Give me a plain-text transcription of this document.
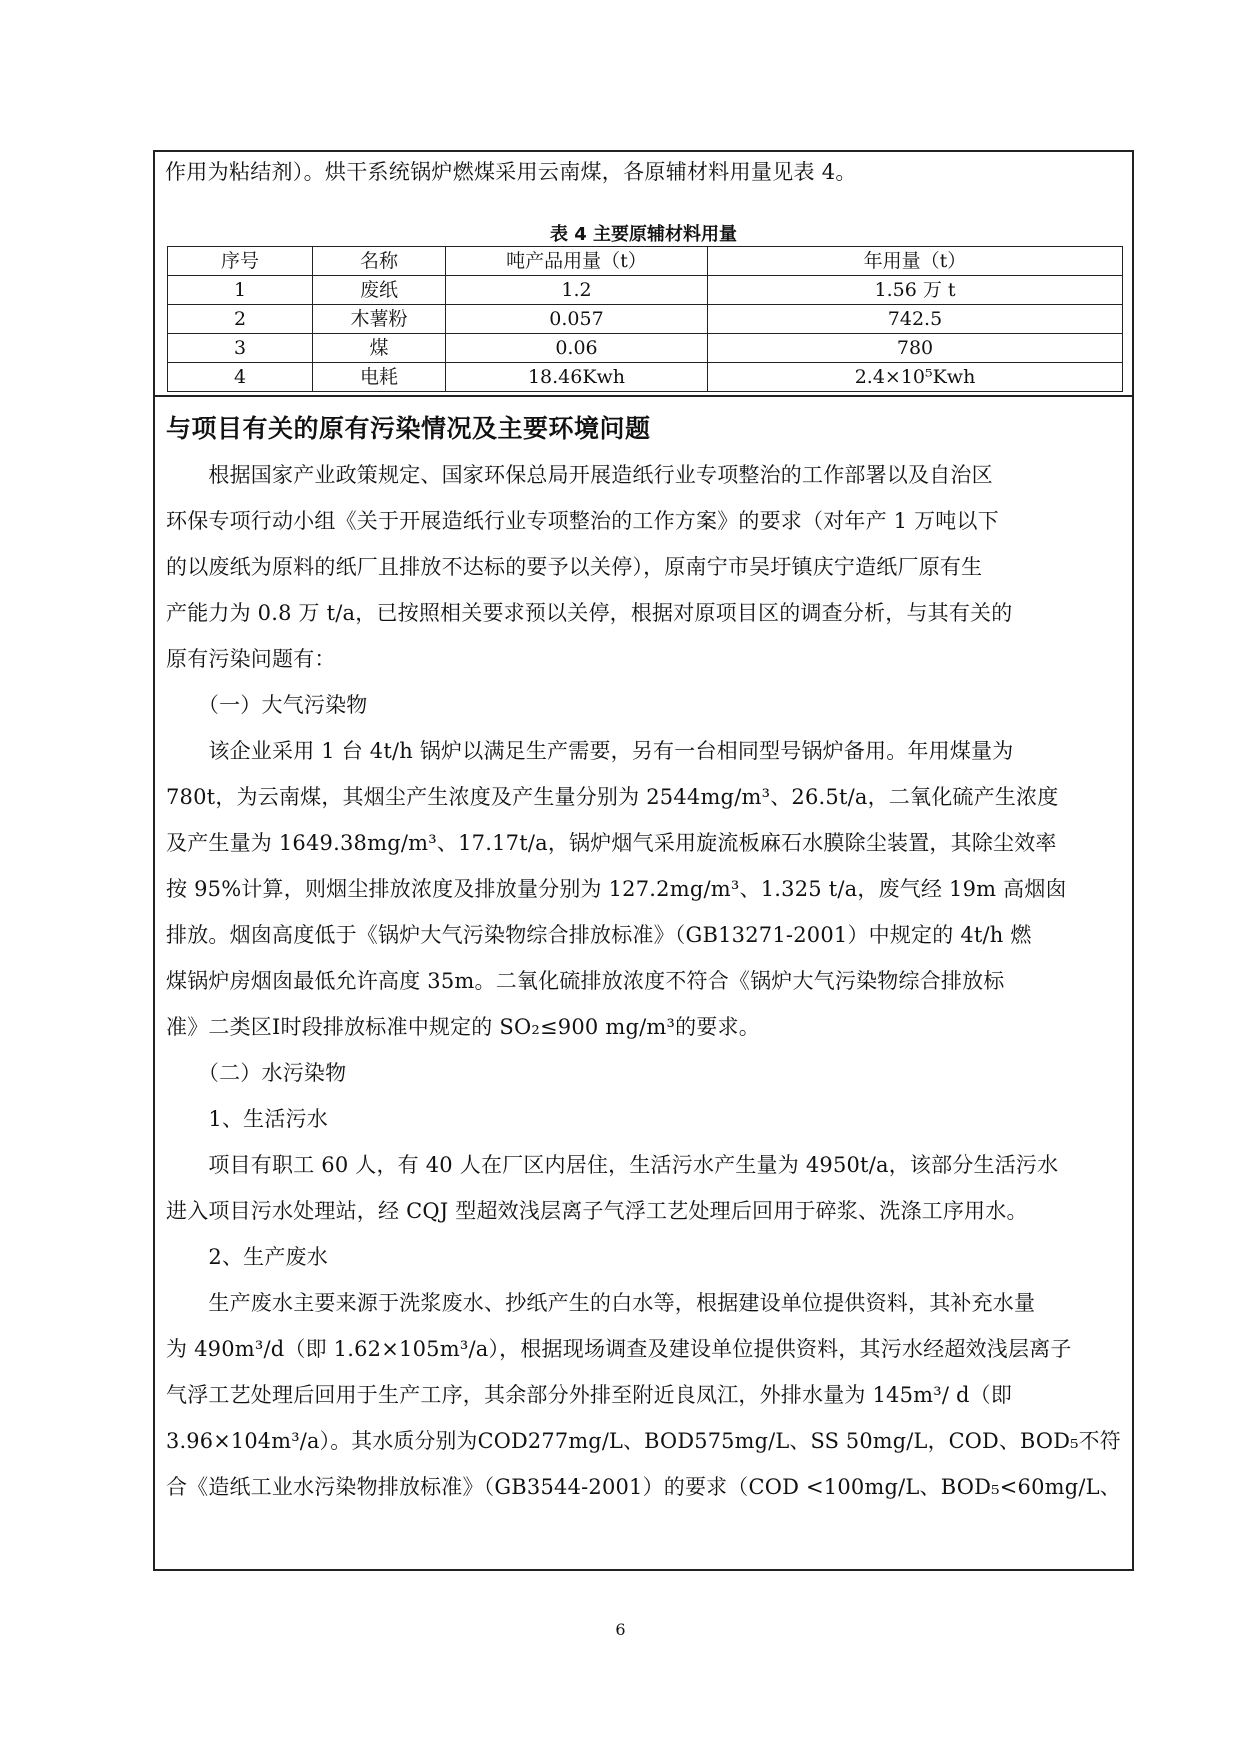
作用为粘结剂）。烘干系统锅炉燃煤采用云南煤，各原辅材料用量见表 4。
表 4 主要原辅材料用量
序号	名称	吨产品用量（t）	年用量（t）
1	废纸	1.2	1.56 万 t
2	木薯粉	0.057	742.5
3	煤	0.06	780
4	电耗	18.46Kwh	2.4×10⁵Kwh
与项目有关的原有污染情况及主要环境问题
　　根据国家产业政策规定、国家环保总局开展造纸行业专项整治的工作部署以及自治区
环保专项行动小组《关于开展造纸行业专项整治的工作方案》的要求（对年产 1 万吨以下
的以废纸为原料的纸厂且排放不达标的要予以关停），原南宁市吴圩镇庆宁造纸厂原有生
产能力为 0.8 万 t/a，已按照相关要求预以关停，根据对原项目区的调查分析，与其有关的
原有污染问题有：
　　（一）大气污染物
　　该企业采用 1 台 4t/h 锅炉以满足生产需要，另有一台相同型号锅炉备用。年用煤量为
780t，为云南煤，其烟尘产生浓度及产生量分别为 2544mg/m³、26.5t/a，二氧化硫产生浓度
及产生量为 1649.38mg/m³、17.17t/a，锅炉烟气采用旋流板麻石水膜除尘装置，其除尘效率
按 95%计算，则烟尘排放浓度及排放量分别为 127.2mg/m³、1.325 t/a，废气经 19m 高烟囱
排放。烟囱高度低于《锅炉大气污染物综合排放标准》（GB13271-2001）中规定的 4t/h 燃
煤锅炉房烟囱最低允许高度 35m。二氧化硫排放浓度不符合《锅炉大气污染物综合排放标
准》二类区Ⅰ时段排放标准中规定的 SO₂≤900 mg/m³的要求。
　　（二）水污染物
　　1、生活污水
　　项目有职工 60 人，有 40 人在厂区内居住，生活污水产生量为 4950t/a，该部分生活污水
进入项目污水处理站，经 CQJ 型超效浅层离子气浮工艺处理后回用于碎浆、洗涤工序用水。
　　2、生产废水
　　生产废水主要来源于洗浆废水、抄纸产生的白水等，根据建设单位提供资料，其补充水量
为 490m³/d（即 1.62×105m³/a），根据现场调查及建设单位提供资料，其污水经超效浅层离子
气浮工艺处理后回用于生产工序，其余部分外排至附近良凤江，外排水量为 145m³/ d（即
3.96×104m³/a）。其水质分别为COD277mg/L、BOD575mg/L、SS 50mg/L，COD、BOD₅不符
合《造纸工业水污染物排放标准》（GB3544-2001）的要求（COD <100mg/L、BOD₅<60mg/L、
6
